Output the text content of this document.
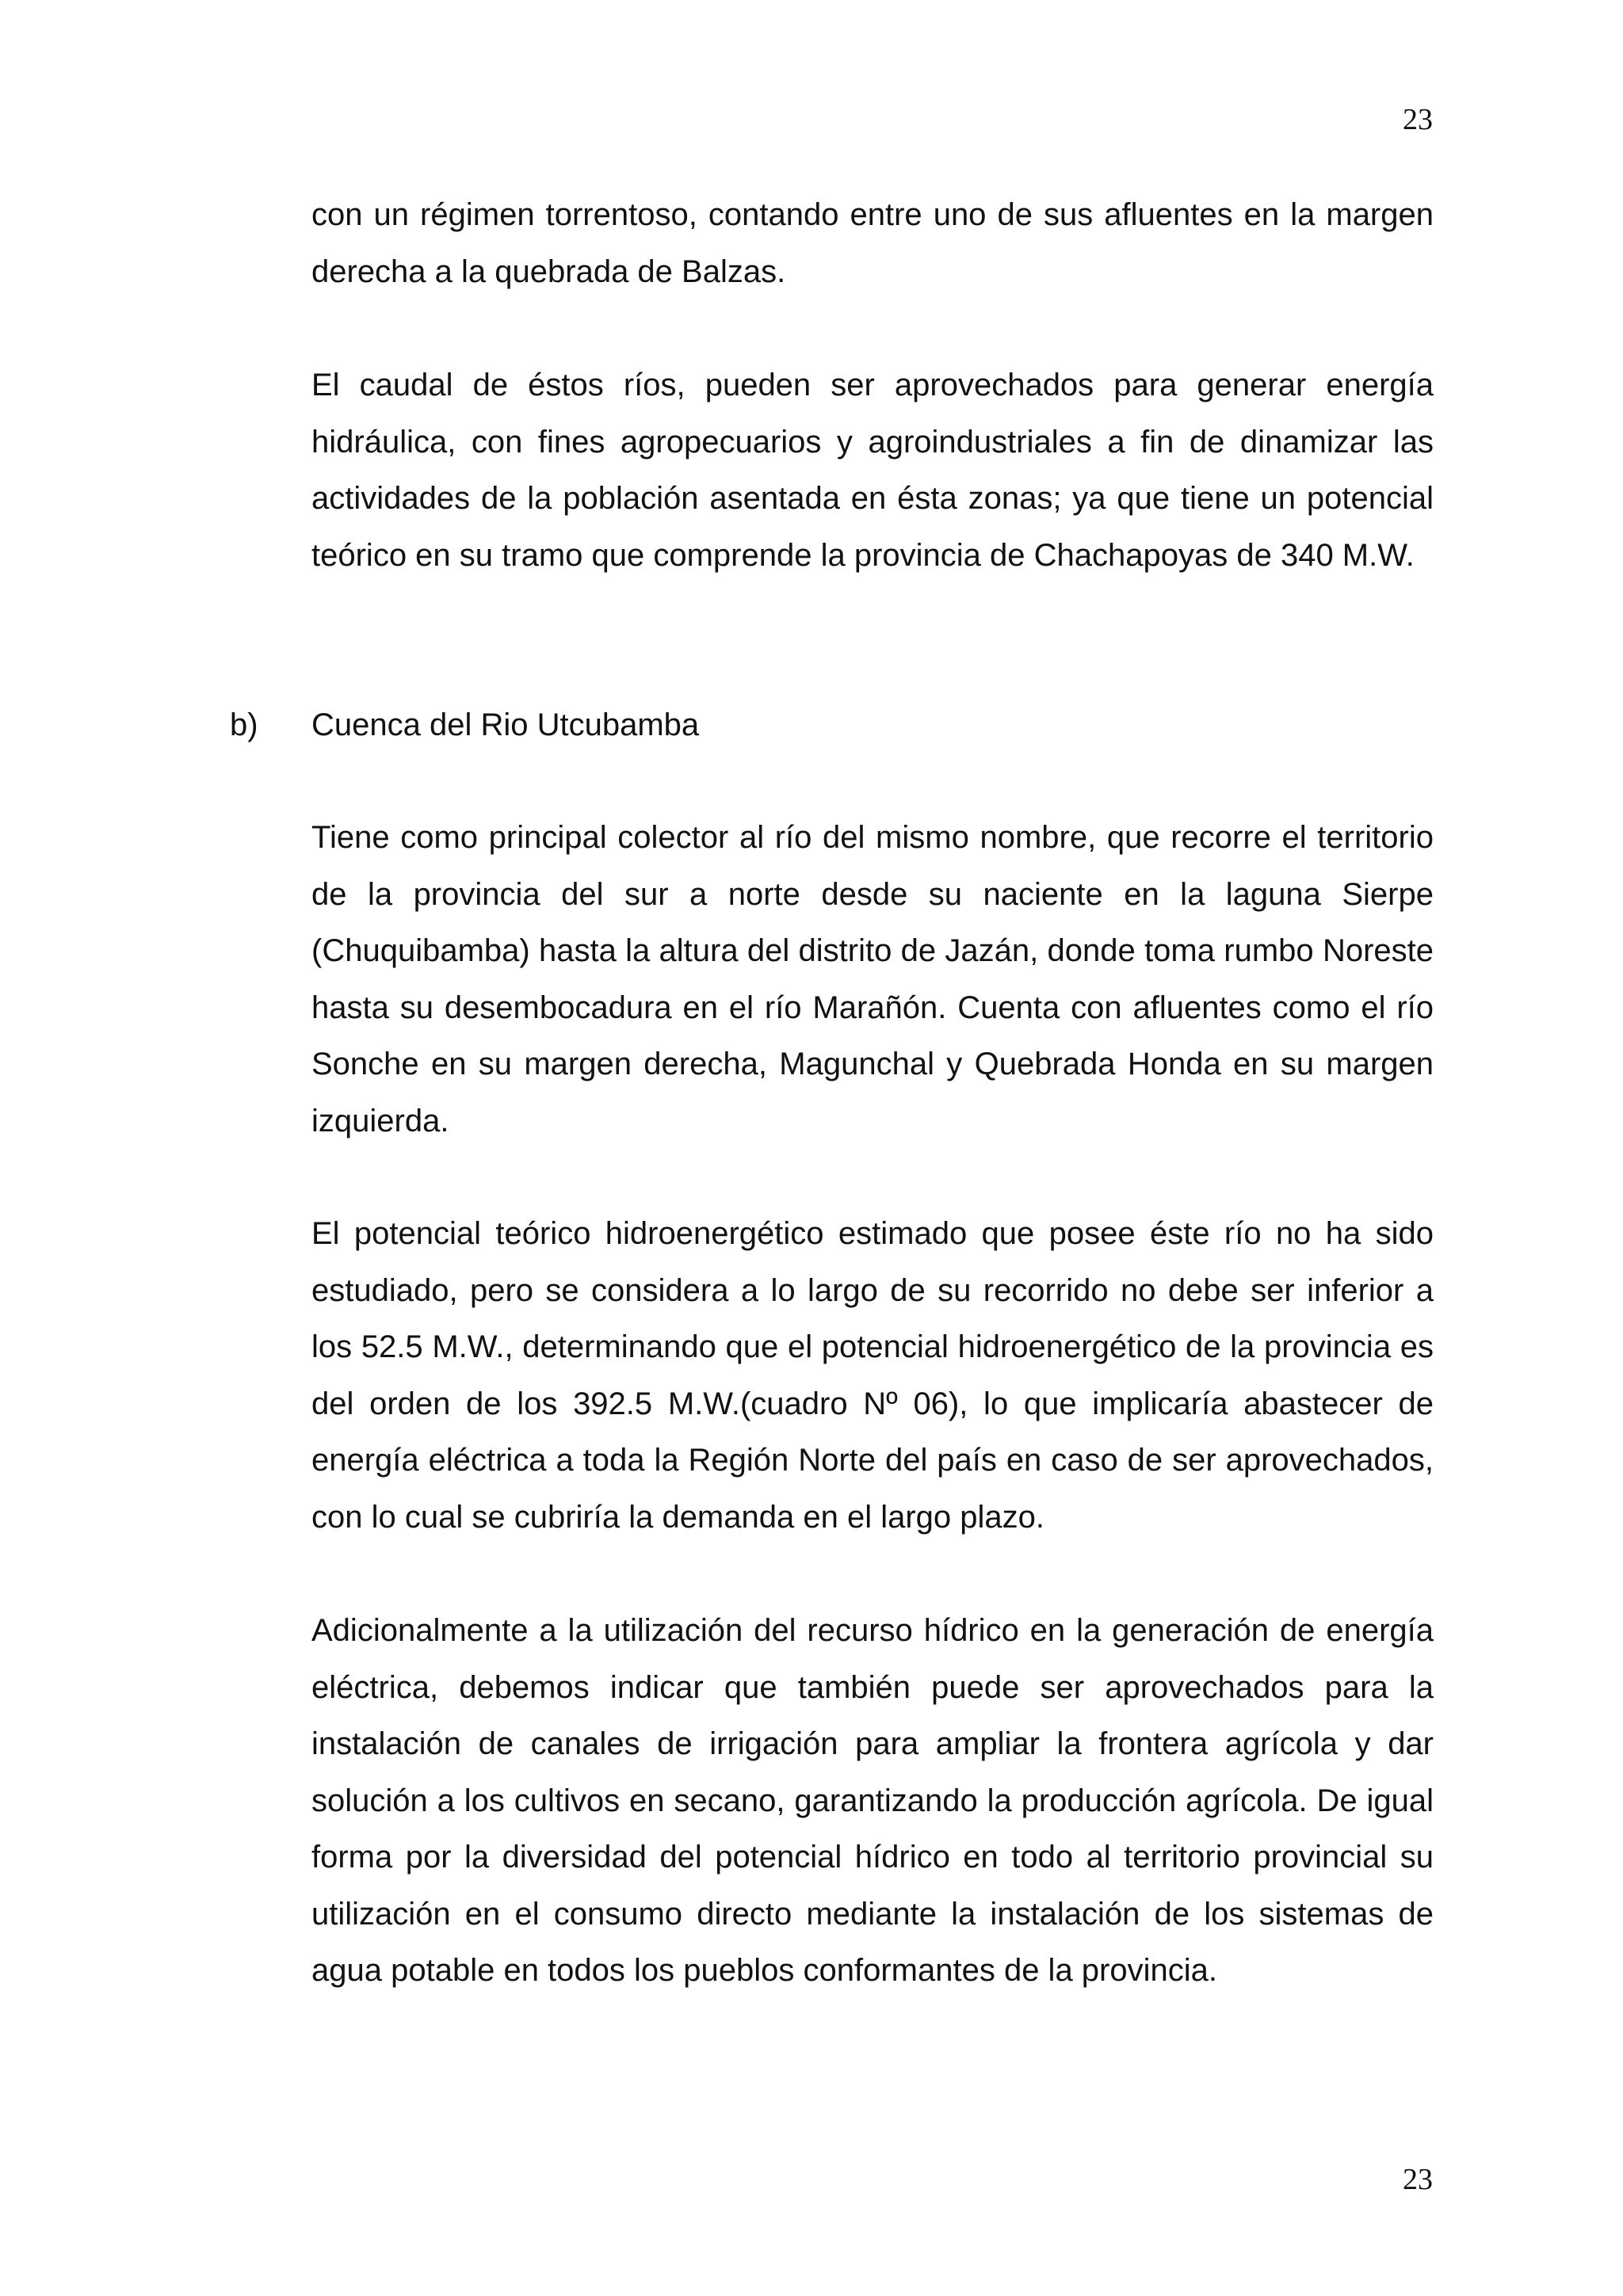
23

con un régimen torrentoso, contando entre uno de sus afluentes en la margen derecha a la quebrada de Balzas.

El caudal de éstos ríos, pueden ser aprovechados para generar energía hidráulica, con fines agropecuarios y agroindustriales a fin de dinamizar las actividades de la población asentada en ésta zonas; ya que tiene un potencial teórico en su tramo que comprende la provincia de Chachapoyas de 340 M.W.

b) Cuenca del Rio Utcubamba

Tiene como principal colector al río del mismo nombre, que recorre el territorio de la provincia del sur a norte desde su naciente en la laguna Sierpe (Chuquibamba) hasta la altura del distrito de Jazán, donde toma rumbo Noreste hasta su desembocadura en el río Marañón. Cuenta con afluentes como el río Sonche en su margen derecha, Magunchal y Quebrada Honda en su margen izquierda.

El potencial teórico hidroenergético estimado que posee éste río no ha sido estudiado, pero se considera a lo largo de su recorrido no debe ser inferior a los 52.5 M.W., determinando que el potencial hidroenergético de la provincia es del orden de los 392.5 M.W.(cuadro Nº 06), lo que implicaría abastecer de energía eléctrica a toda la Región Norte del país en caso de ser aprovechados, con lo cual se cubriría la demanda en el largo plazo.

Adicionalmente a la utilización del recurso hídrico en la generación de energía eléctrica, debemos indicar que también puede ser aprovechados para la instalación de canales de irrigación para ampliar la frontera agrícola y dar solución a los cultivos en secano, garantizando la producción agrícola. De igual forma por la diversidad del potencial hídrico en todo al territorio provincial su utilización en el consumo directo mediante la instalación de los sistemas de agua potable en todos los pueblos conformantes de la provincia.

23
